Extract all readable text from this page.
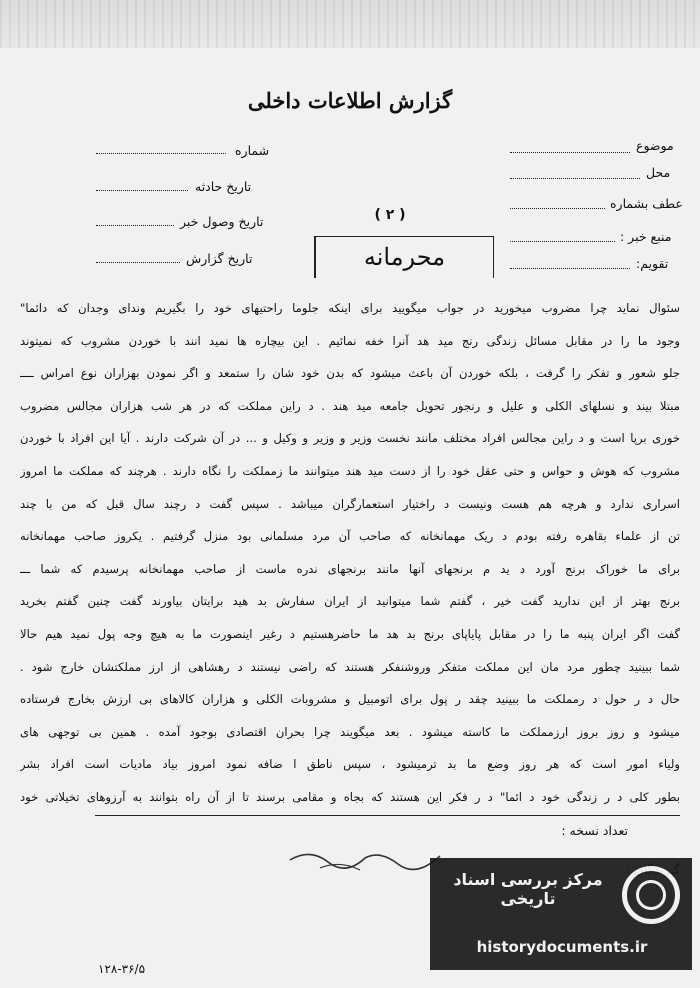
گزارش اطلاعات داخلی
شماره
تاریخ حادثه
تاریخ وصول خبر
تاریخ گزارش
موضوع
محل
عطف بشماره
منبع خبر :
تقویم:
( ۲ )
محرمانه
سئوال نماید چرا مضروب میخورید در جواب میگویید برای اینکه جلوما راحتیهای خود را بگیریم وندای وجدان که دائما"
وجود ما را در مقابل مسائل زندگی رنج مید هد آنرا خفه نمائیم . این بیچاره ها نمید انند با خوردن مشروب که نمیتوند
جلو شعور و تفکر را گرفت ، بلکه خوردن آن باعث میشود که بدن خود شان را ستمعد و اگر نمودن بهزاران نوع امراس ــــ
مبتلا بیند و نسلهای الکلی و علیل و رنجور تحویل جامعه مید هند . د راین مملکت که در هر شب هزاران مجالس مضروب
خوری برپا است و د راین مجالس افراد مختلف مانند نخست وزیر و وزیر و وکیل و ... در آن شرکت دارند . آیا این افراد با خوردن
مشروب که هوش و حواس و حتی عقل خود را از دست مید هند میتوانند ما زمملکت را نگاه دارند . هرچند که مملکت ما امروز
اسراری ندارد و هرچه هم هست ونیست د راختیار استعمارگران میباشد . سپس گفت د رچند سال قبل که من با چند
تن از علماء بقاهره رفته بودم د ریک مهمانخانه که صاحب آن مرد مسلمانی بود منزل گرفتیم . یکروز صاحب مهمانخانه
برای ما خوراک برنج آورد د ید م برنجهای آنها مانند برنجهای ندره ماست از صاحب مهمانخانه پرسیدم که شما ـــ
برنج بهتر از این ندارید گفت خیر ، گفتم شما میتوانید از ایران سفارش بد هید برایتان بیاورند گفت چنین گفتم بخرید
گفت اگر ایران پنبه ما را در مقابل پایاپای برنج بد هد ما حاضرهستیم د رغیر اینصورت ما به هیچ وجه پول نمید هیم حالا
شما ببینید چطور مرد مان این مملکت متفکر وروشنفکر هستند که راضی نیستند د رهشاهی از ارز مملکتشان خارج شود .
حال د ر حول د رمملکت ما ببینید چقد ر پول برای اتومبیل و مشروبات الکلی و هزاران کالاهای بی ارزش بخارج فرستاده
میشود و روز بروز ارزمملکت ما کاسته میشود . بعد میگویند چرا بحران اقتصادی بوجود آمده . همین بی توجهی های
ولیاء امور است که هر روز وضع ما بد ترمیشود ، سپس ناطق ا ضافه نمود امروز بیاد مادیات است افراد بشر
بطور کلی د ر زندگی خود د ائما" د ر فکر این هستند که بجاه و مقامی برسند تا از آن راه بتوانند به آرزوهای تخیلاتی خود
تعداد نسخه :
۱۲۸-۳۶/۵
مرکز بررسی اسناد تاریخی
historydocuments.ir
